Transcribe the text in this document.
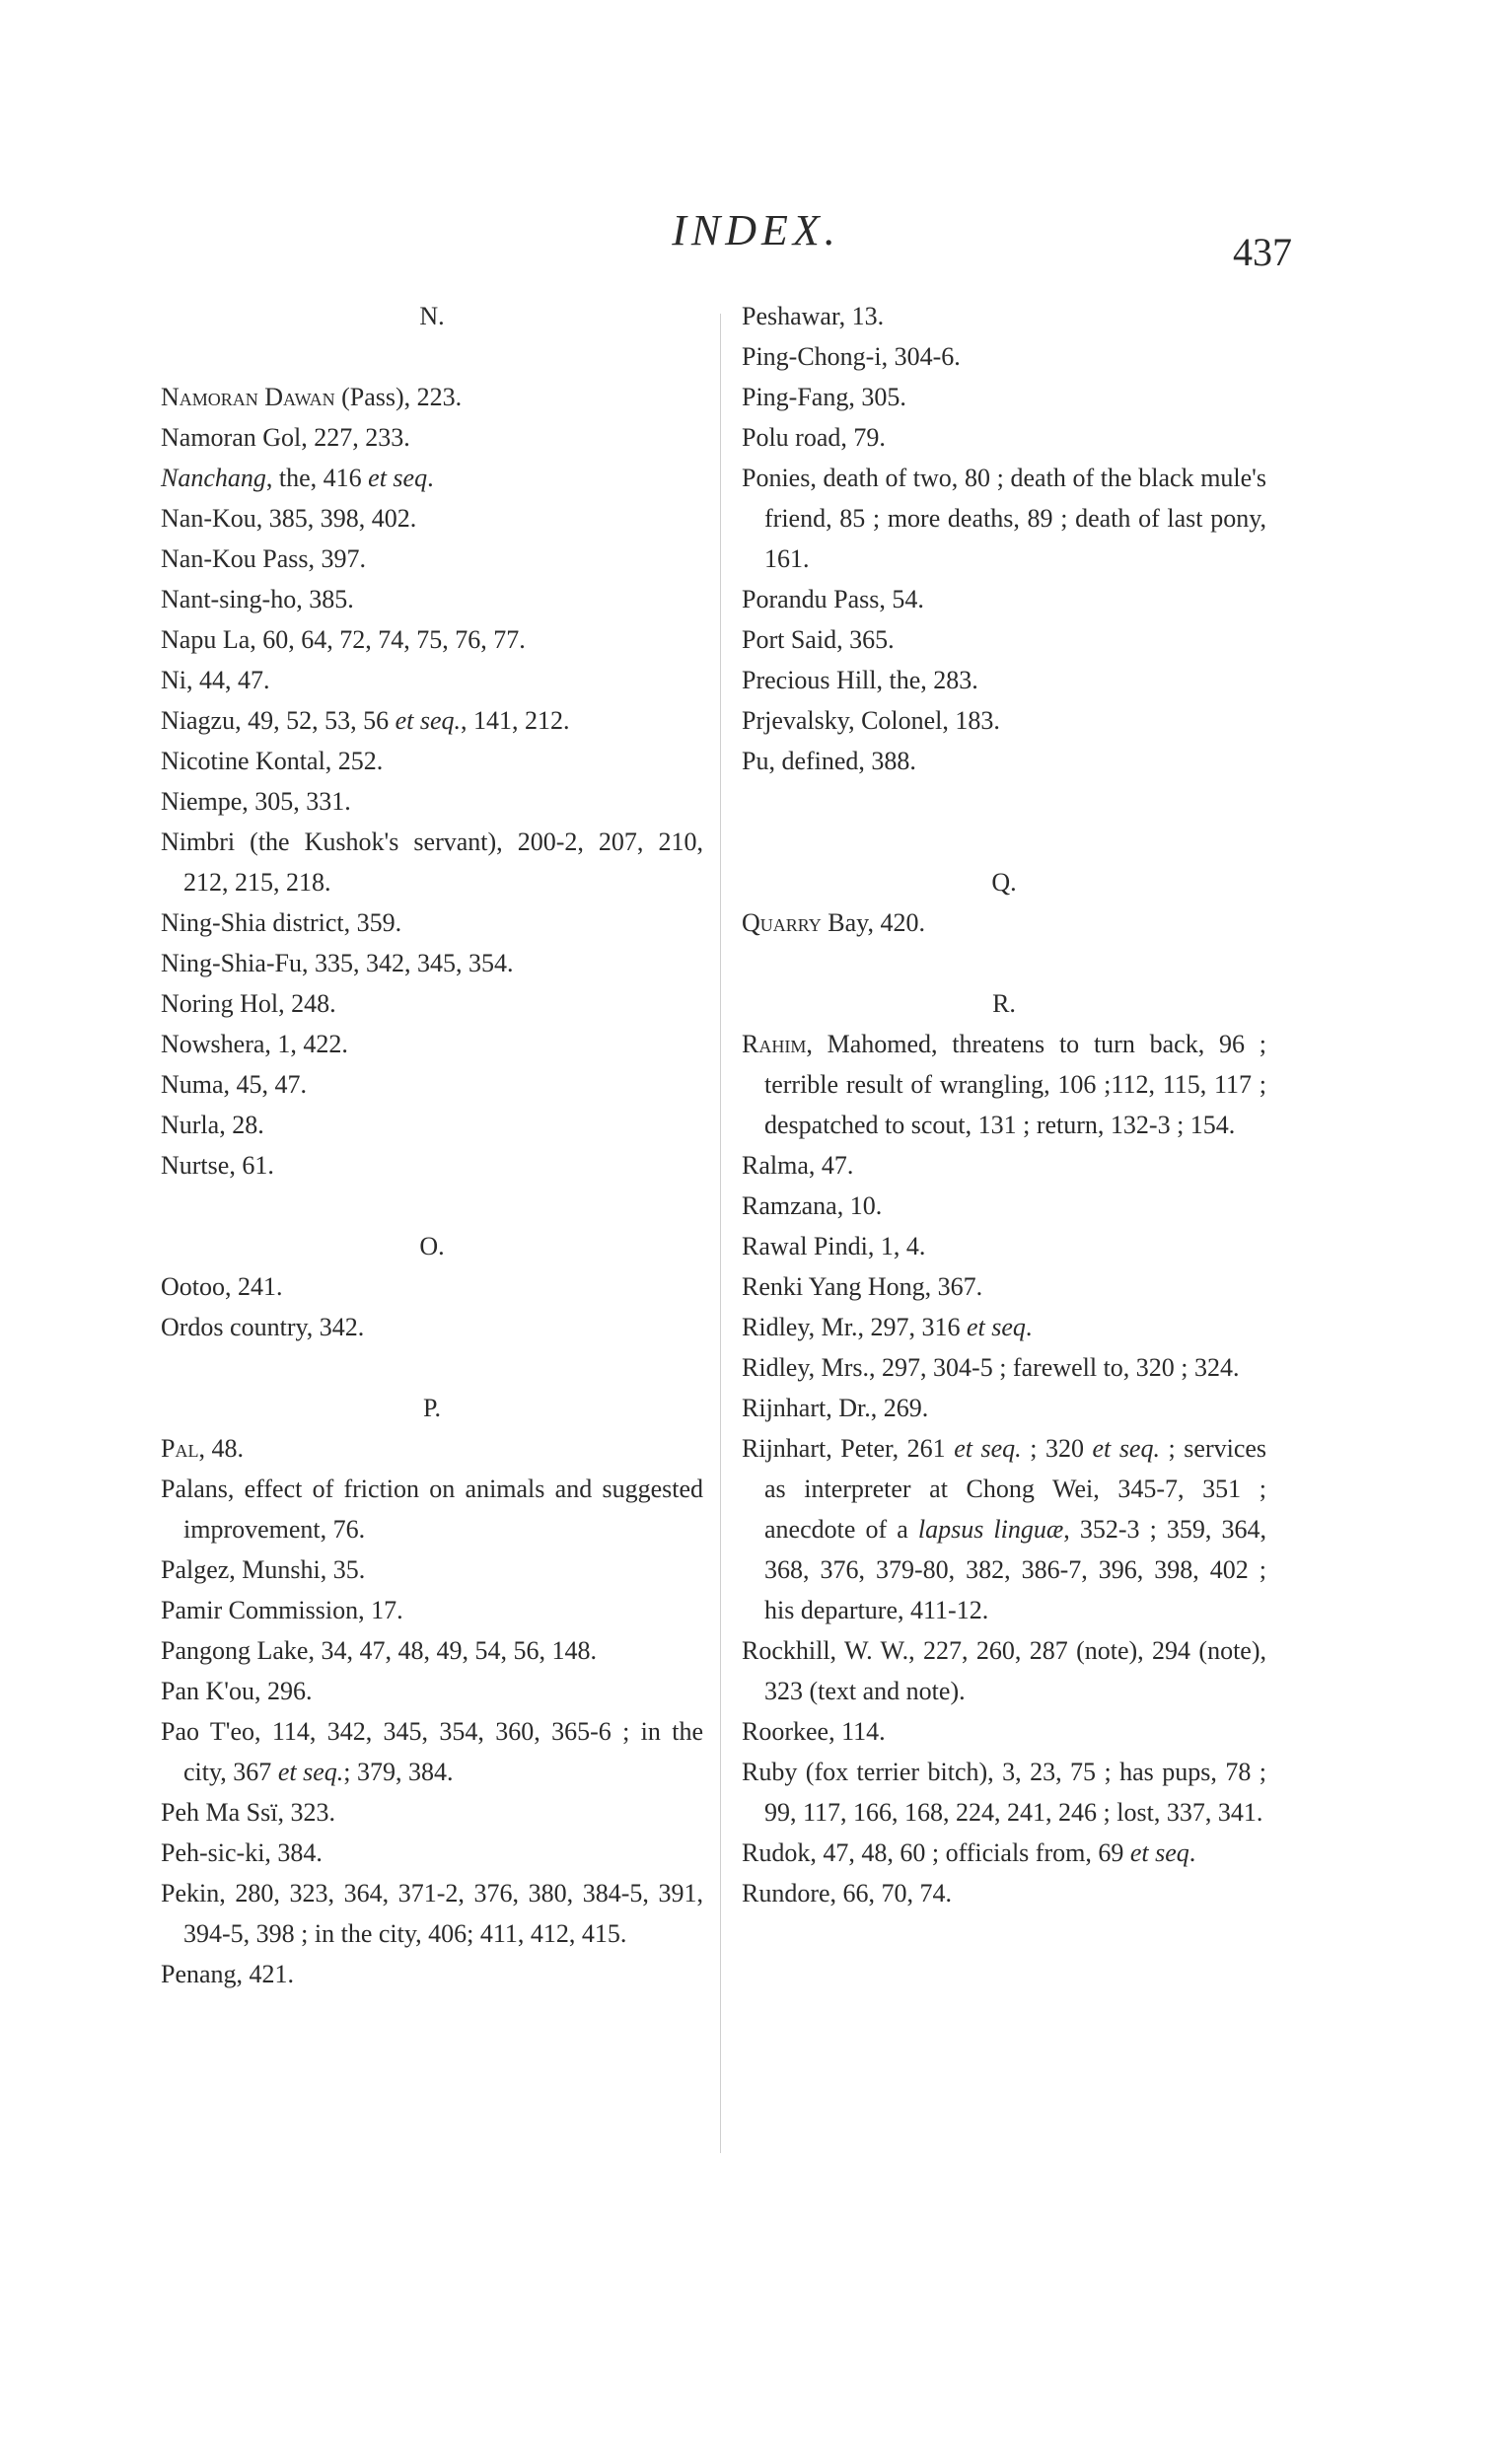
INDEX.	437
N.
Namoran Dawan (Pass), 223.
Namoran Gol, 227, 233.
Nanchang, the, 416 et seq.
Nan-Kou, 385, 398, 402.
Nan-Kou Pass, 397.
Nant-sing-ho, 385.
Napu La, 60, 64, 72, 74, 75, 76, 77.
Ni, 44, 47.
Niagzu, 49, 52, 53, 56 et seq., 141, 212.
Nicotine Kontal, 252.
Niempe, 305, 331.
Nimbri (the Kushok's servant), 200-2, 207, 210, 212, 215, 218.
Ning-Shia district, 359.
Ning-Shia-Fu, 335, 342, 345, 354.
Noring Hol, 248.
Nowshera, 1, 422.
Numa, 45, 47.
Nurla, 28.
Nurtse, 61.
O.
Ootoo, 241.
Ordos country, 342.
P.
Pal, 48.
Palans, effect of friction on animals and suggested improvement, 76.
Palgez, Munshi, 35.
Pamir Commission, 17.
Pangong Lake, 34, 47, 48, 49, 54, 56, 148.
Pan K'ou, 296.
Pao T'eo, 114, 342, 345, 354, 360, 365-6 ; in the city, 367 et seq.; 379, 384.
Peh Ma Ssï, 323.
Peh-sic-ki, 384.
Pekin, 280, 323, 364, 371-2, 376, 380, 384-5, 391, 394-5, 398 ; in the city, 406; 411, 412, 415.
Penang, 421.
Peshawar, 13.
Ping-Chong-i, 304-6.
Ping-Fang, 305.
Polu road, 79.
Ponies, death of two, 80 ; death of the black mule's friend, 85 ; more deaths, 89 ; death of last pony, 161.
Porandu Pass, 54.
Port Said, 365.
Precious Hill, the, 283.
Prjevalsky, Colonel, 183.
Pu, defined, 388.
Q.
Quarry Bay, 420.
R.
Rahim, Mahomed, threatens to turn back, 96 ; terrible result of wrangling, 106 ;112, 115, 117 ; despatched to scout, 131 ; return, 132-3 ; 154.
Ralma, 47.
Ramzana, 10.
Rawal Pindi, 1, 4.
Renki Yang Hong, 367.
Ridley, Mr., 297, 316 et seq.
Ridley, Mrs., 297, 304-5 ; farewell to, 320 ; 324.
Rijnhart, Dr., 269.
Rijnhart, Peter, 261 et seq. ; 320 et seq. ; services as interpreter at Chong Wei, 345-7, 351 ; anecdote of a lapsus linguæ, 352-3 ; 359, 364, 368, 376, 379-80, 382, 386-7, 396, 398, 402 ; his departure, 411-12.
Rockhill, W. W., 227, 260, 287 (note), 294 (note), 323 (text and note).
Roorkee, 114.
Ruby (fox terrier bitch), 3, 23, 75 ; has pups, 78 ; 99, 117, 166, 168, 224, 241, 246 ; lost, 337, 341.
Rudok, 47, 48, 60 ; officials from, 69 et seq.
Rundore, 66, 70, 74.
